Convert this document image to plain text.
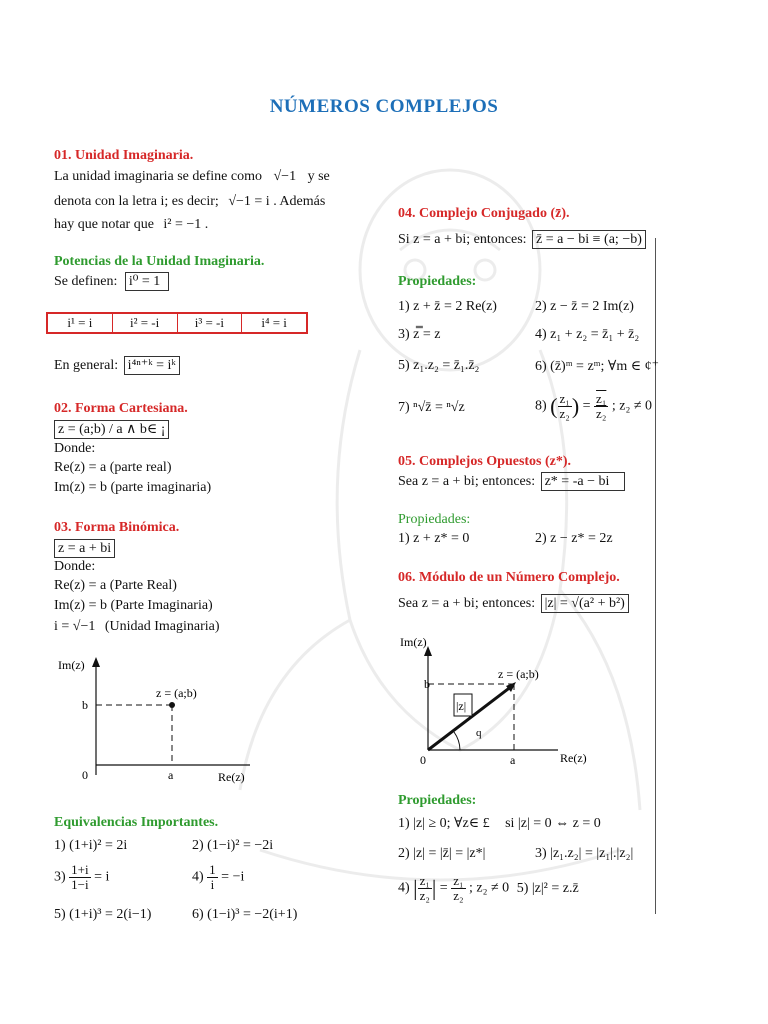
NÚMEROS COMPLEJOS
01. Unidad Imaginaria.
La unidad imaginaria se define como √−1 y se
denota con la letra i; es decir; √−1 = i . Además
hay que notar que i² = −1 .
Potencias de la Unidad Imaginaria.
Se definen: i⁰ = 1
i¹ = i	i² = -i	i³ = -i	i⁴ = i
En general: i⁴ⁿ⁺ᵏ = iᵏ
02. Forma Cartesiana.
z = (a;b) / a ∧ b∈ ¡
Donde:
Re(z) = a (parte real)
Im(z) = b (parte imaginaria)
03. Forma Binómica.
z = a + bi
Donde:
Re(z) = a (Parte Real)
Im(z) = b (Parte Imaginaria)
i = √−1 (Unidad Imaginaria)
Im(z)
b
0	a	Re(z)
z = (a;b)
Equivalencias Importantes.
1) (1+i)² = 2i	2) (1−i)² = −2i
$3) \frac{1+i}{1-i} = i$	$4) \frac{1}{i} = -i$
5) (1+i)³ = 2(i−1)	6) (1−i)³ = −2(i+1)
04. Complejo Conjugado (z̄).
Si z = a + bi; entonces: z̄ = a − bi ≡ (a; −b)
Propiedades:
1) z + z̄ = 2 Re(z)	2) z − z̄ = 2 Im(z)
3) z̿ = z	4) z₁ + z₂ = z̄₁ + z̄₂
5) z₁.z₂ = z̄₁.z̄₂	6) (z̄)ᵐ = zᵐ; ∀m ∈ ¢⁺
7) ⁿ√z̄ = ⁿ√z	8) ( $\frac{\text{z₁}}{\text{z₂}}$ ) = $\frac{\text{z₁}}{\text{z₂}}$ ; z₂ ≠ 0
05. Complejos Opuestos (z*).
Sea z = a + bi; entonces: z* = -a − bi
Propiedades:
1) z + z* = 0	2) z − z* = 2z
06. Módulo de un Número Complejo.
Sea z = a + bi; entonces: |z| = √(a² + b²)
Im(z)
b
0	a	Re(z)
z = (a;b)
|z|
q
Propiedades:
1) |z| ≥ 0; ∀z∈ £ si |z| = 0 ⇔ z = 0
2) |z| = |z̄| = |z*|	3) |z₁.z₂| = |z₁|.|z₂|
4) | $\frac{\text{z₁}}{\text{z₂}}$ | = $\frac{\text{z₁}}{\text{z₂}}$ ; z₂ ≠ 0 5) |z|² = z.z̄
